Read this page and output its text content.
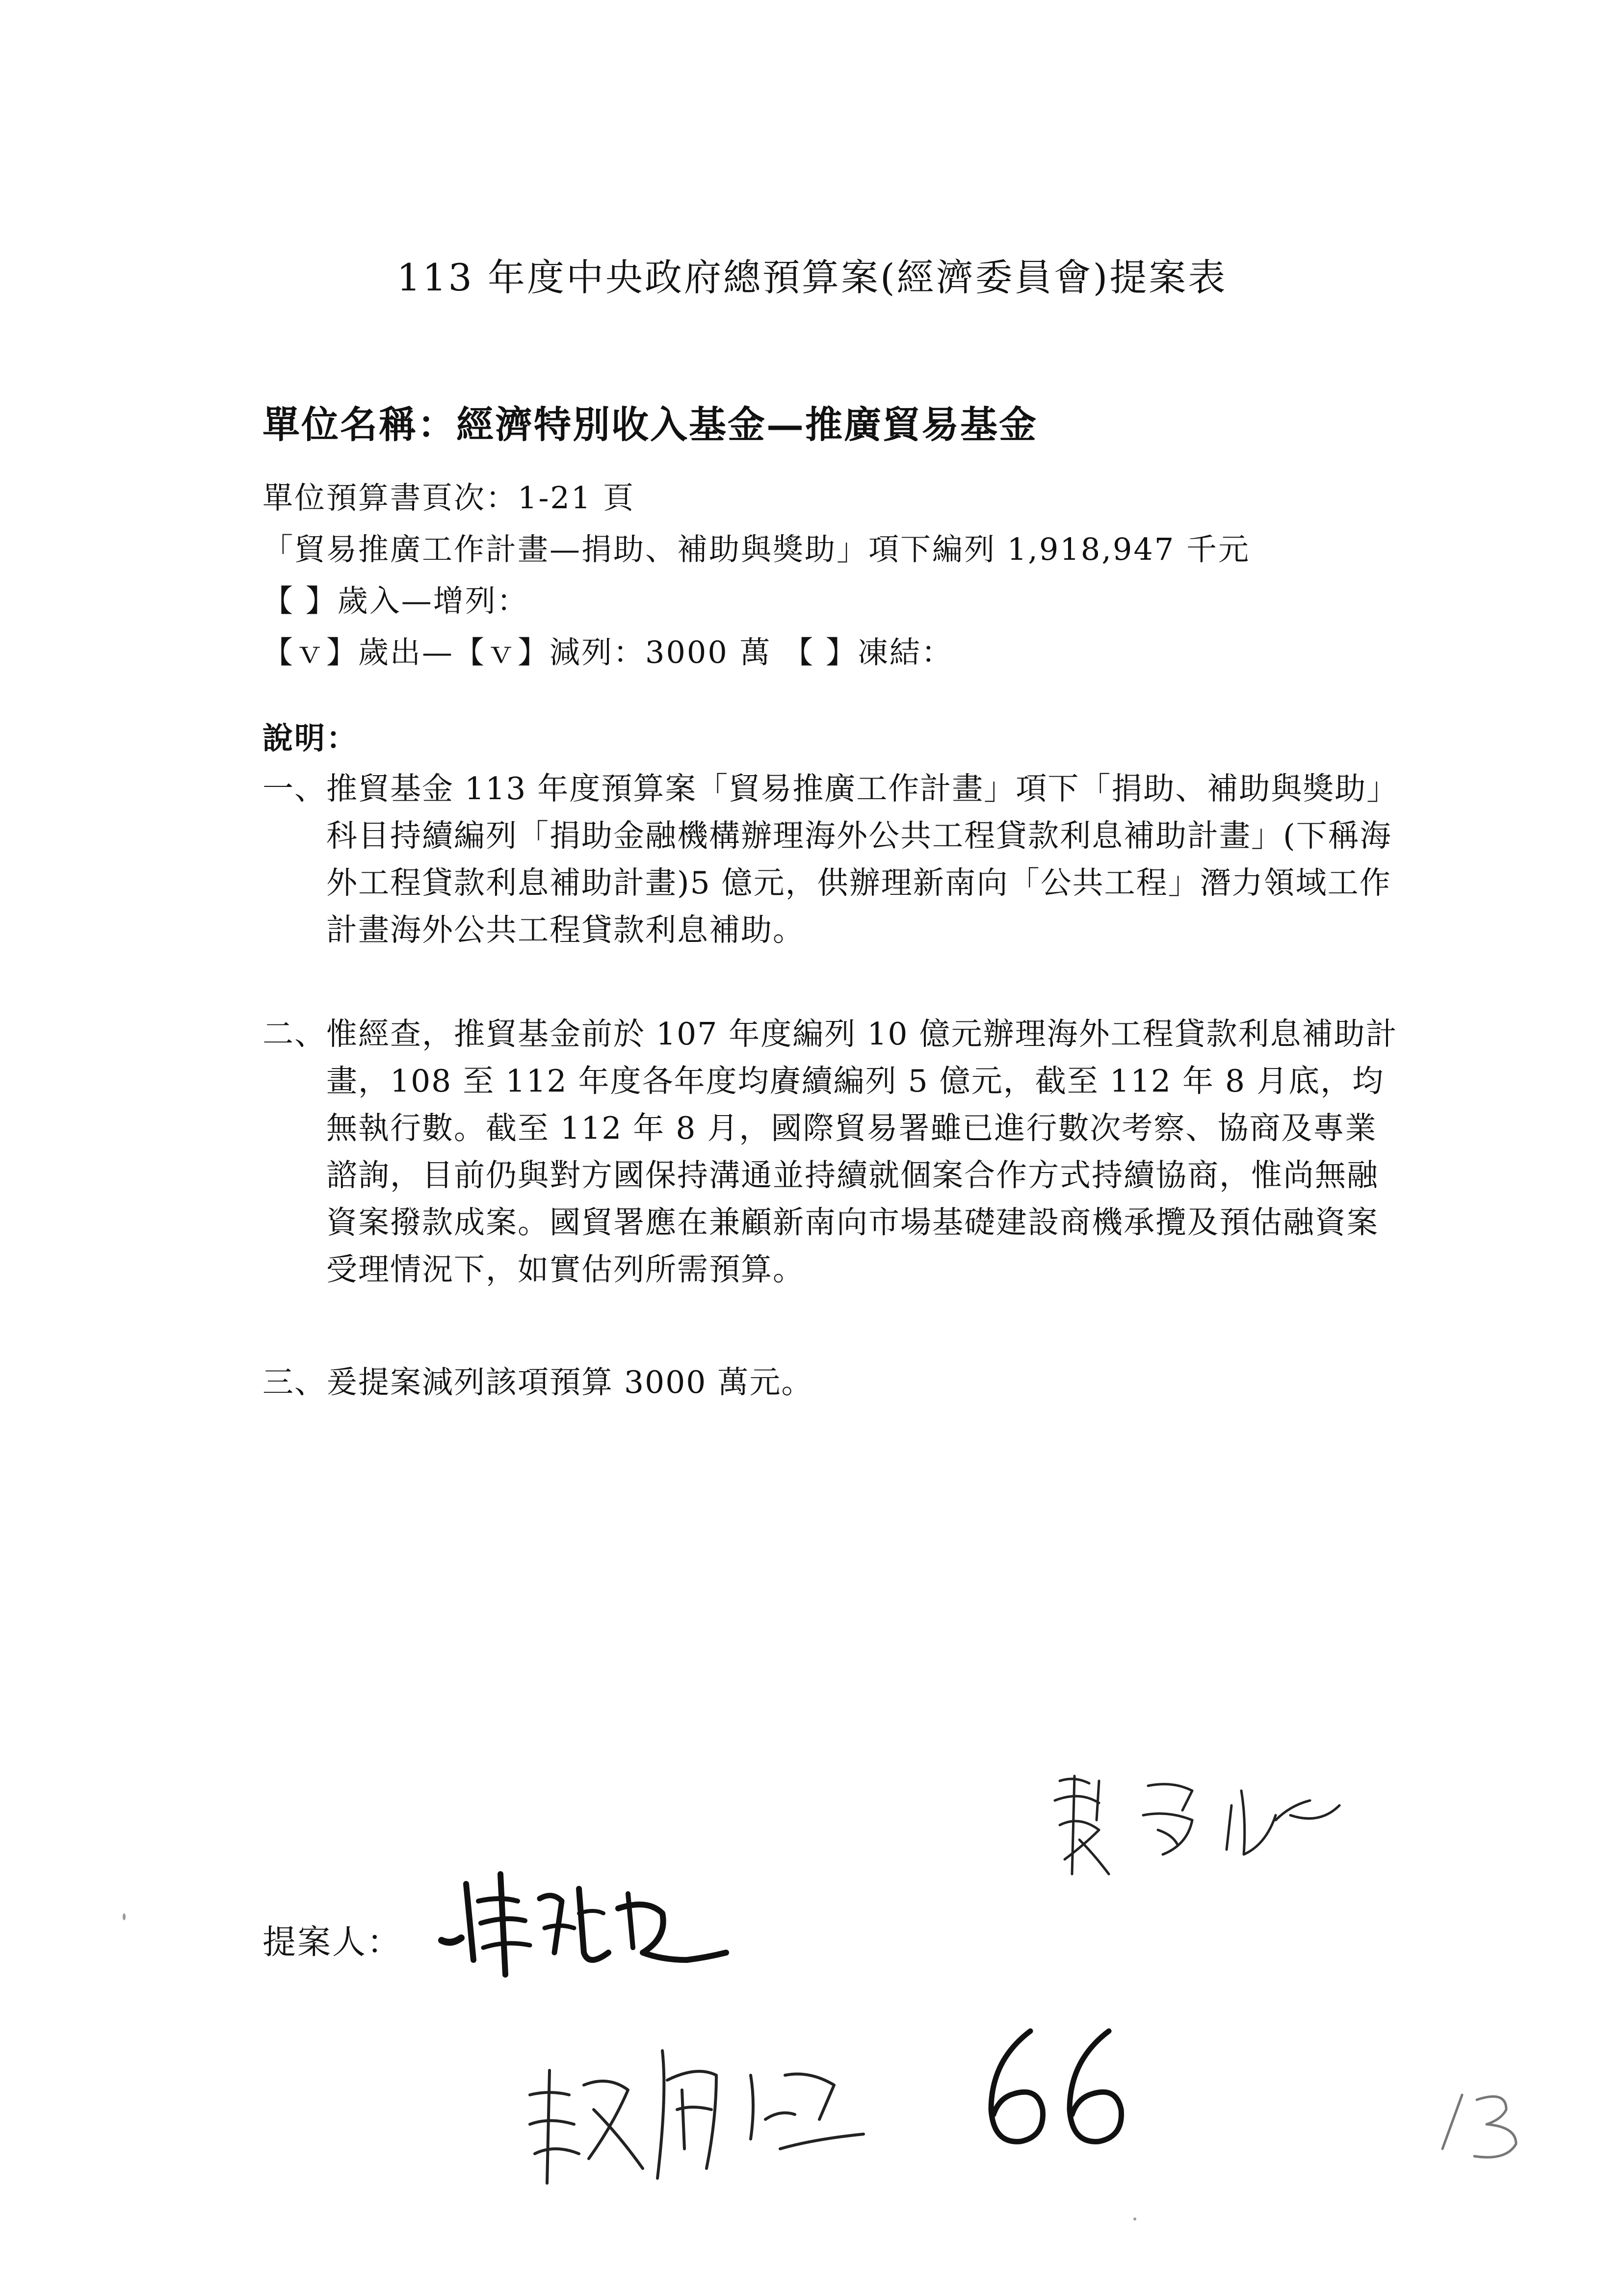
113 年度中央政府總預算案(經濟委員會)提案表
單位名稱：經濟特別收入基金—推廣貿易基金
單位預算書頁次：1-21 頁
「貿易推廣工作計畫—捐助、補助與獎助」項下編列 1,918,947 千元
【 】歲入—增列：
【ｖ】歲出—【ｖ】減列：3000 萬 【 】凍結：
說明：
一、 推貿基金 113 年度預算案「貿易推廣工作計畫」項下「捐助、補助與獎助」科目持續編列「捐助金融機構辦理海外公共工程貸款利息補助計畫」(下稱海外工程貸款利息補助計畫)5 億元，供辦理新南向「公共工程」潛力領域工作計畫海外公共工程貸款利息補助。
二、 惟經查，推貿基金前於 107 年度編列 10 億元辦理海外工程貸款利息補助計畫，108 至 112 年度各年度均賡續編列 5 億元，截至 112 年 8 月底，均無執行數。截至 112 年 8 月，國際貿易署雖已進行數次考察、協商及專業諮詢，目前仍與對方國保持溝通並持續就個案合作方式持續協商，惟尚無融資案撥款成案。國貿署應在兼顧新南向市場基礎建設商機承攬及預估融資案受理情況下，如實估列所需預算。
三、 爰提案減列該項預算 3000 萬元。
提案人：
